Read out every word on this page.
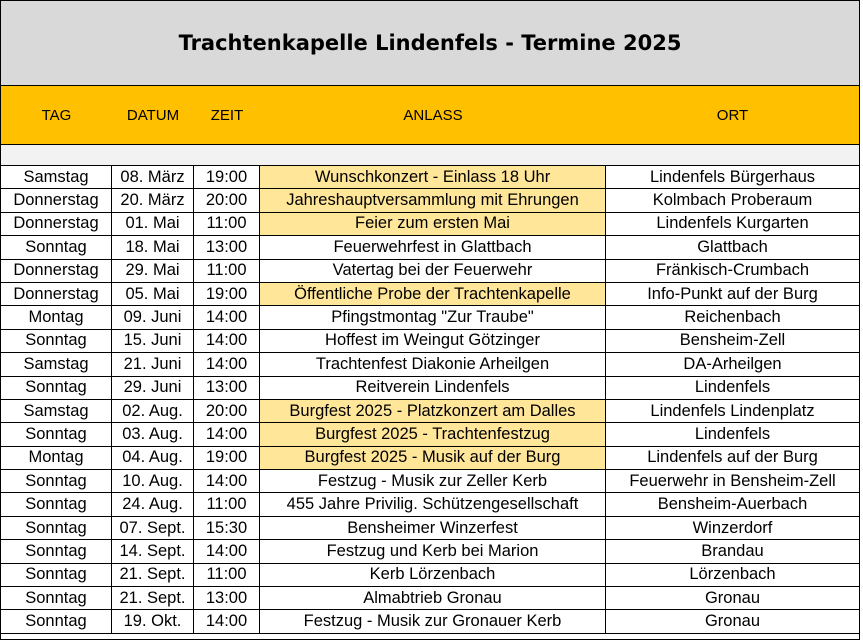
Trachtenkapelle Lindenfels - Termine 2025
TAG	DATUM	ZEIT	ANLASS	ORT
Samstag	08. März	19:00	Wunschkonzert - Einlass 18 Uhr	Lindenfels Bürgerhaus
Donnerstag	20. März	20:00	Jahreshauptversammlung mit Ehrungen	Kolmbach Proberaum
Donnerstag	01. Mai	11:00	Feier zum ersten Mai	Lindenfels Kurgarten
Sonntag	18. Mai	13:00	Feuerwehrfest in Glattbach	Glattbach
Donnerstag	29. Mai	11:00	Vatertag bei der Feuerwehr	Fränkisch-Crumbach
Donnerstag	05. Mai	19:00	Öffentliche Probe der Trachtenkapelle	Info-Punkt auf der Burg
Montag	09. Juni	14:00	Pfingstmontag "Zur Traube"	Reichenbach
Sonntag	15. Juni	14:00	Hoffest im Weingut Götzinger	Bensheim-Zell
Samstag	21. Juni	14:00	Trachtenfest Diakonie Arheilgen	DA-Arheilgen
Sonntag	29. Juni	13:00	Reitverein Lindenfels	Lindenfels
Samstag	02. Aug.	20:00	Burgfest 2025 - Platzkonzert am Dalles	Lindenfels Lindenplatz
Sonntag	03. Aug.	14:00	Burgfest 2025 - Trachtenfestzug	Lindenfels
Montag	04. Aug.	19:00	Burgfest 2025 - Musik auf der Burg	Lindenfels auf der Burg
Sonntag	10. Aug.	14:00	Festzug - Musik zur Zeller Kerb	Feuerwehr in Bensheim-Zell
Sonntag	24. Aug.	11:00	455 Jahre Privilig. Schützengesellschaft	Bensheim-Auerbach
Sonntag	07. Sept.	15:30	Bensheimer Winzerfest	Winzerdorf
Sonntag	14. Sept.	14:00	Festzug und Kerb bei Marion	Brandau
Sonntag	21. Sept.	11:00	Kerb Lörzenbach	Lörzenbach
Sonntag	21. Sept.	13:00	Almabtrieb Gronau	Gronau
Sonntag	19. Okt.	14:00	Festzug - Musik zur Gronauer Kerb	Gronau
